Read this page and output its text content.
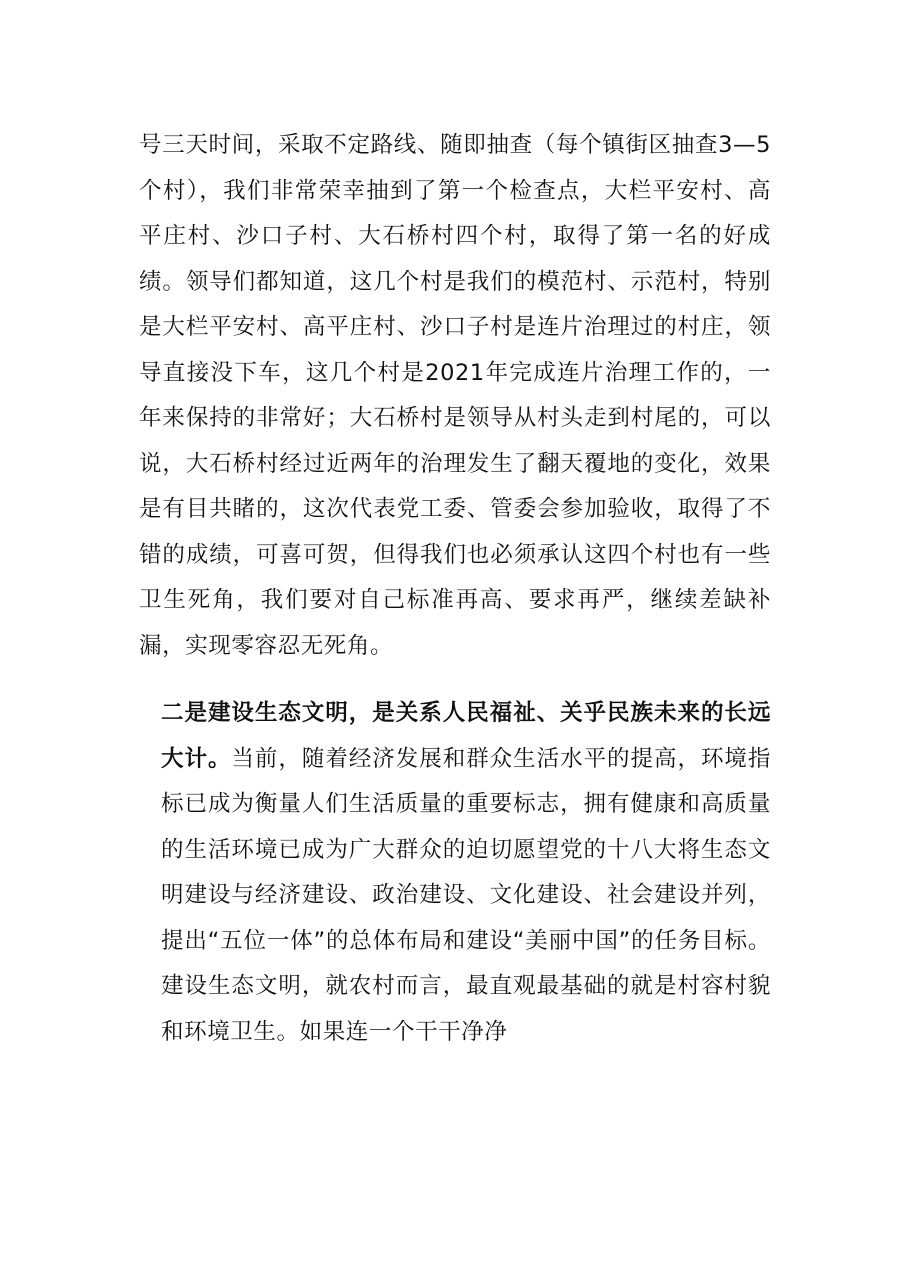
号三天时间，采取不定路线、随即抽查（每个镇街区抽查3—5个村），我们非常荣幸抽到了第一个检查点，大栏平安村、高平庄村、沙口子村、大石桥村四个村，取得了第一名的好成绩。领导们都知道，这几个村是我们的模范村、示范村，特别是大栏平安村、高平庄村、沙口子村是连片治理过的村庄，领导直接没下车，这几个村是2021年完成连片治理工作的，一年来保持的非常好；大石桥村是领导从村头走到村尾的，可以说，大石桥村经过近两年的治理发生了翻天覆地的变化，效果是有目共睹的，这次代表党工委、管委会参加验收，取得了不错的成绩，可喜可贺，但得我们也必须承认这四个村也有一些卫生死角，我们要对自己标准再高、要求再严，继续差缺补漏，实现零容忍无死角。

二是建设生态文明，是关系人民福祉、关乎民族未来的长远大计。当前，随着经济发展和群众生活水平的提高，环境指标已成为衡量人们生活质量的重要标志，拥有健康和高质量的生活环境已成为广大群众的迫切愿望党的十八大将生态文明建设与经济建设、政治建设、文化建设、社会建设并列，提出“五位一体”的总体布局和建设“美丽中国”的任务目标。建设生态文明，就农村而言，最直观最基础的就是村容村貌和环境卫生。如果连一个干干净净
